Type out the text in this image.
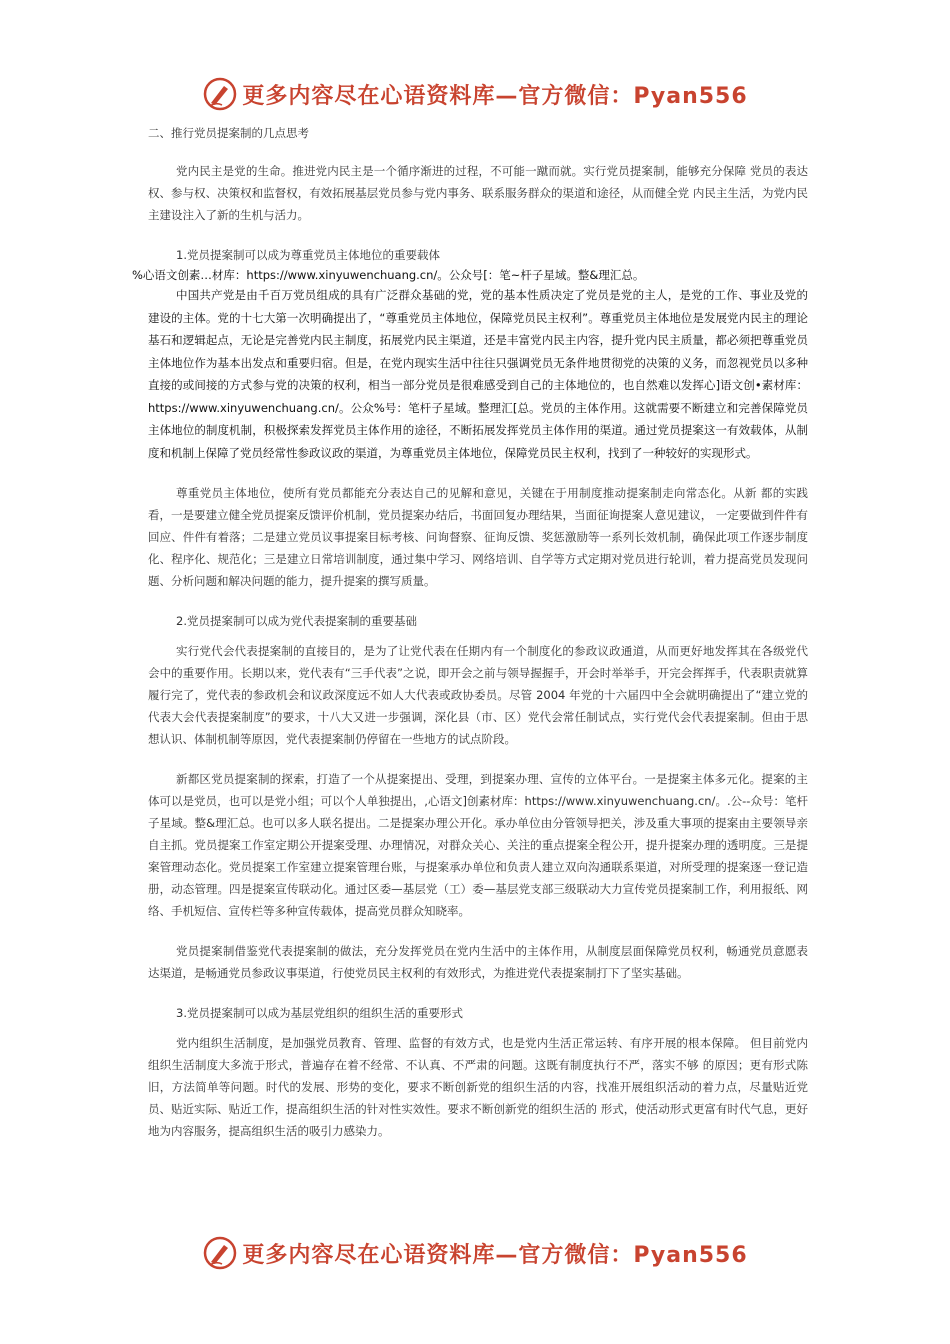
更多内容尽在心语资料库—官方微信：Pyan556

二、推行党员提案制的几点思考

党内民主是党的生命。推进党内民主是一个循序渐进的过程，不可能一蹴而就。实行党员提案制，能够充分保障 党员的表达权、参与权、决策权和监督权，有效拓展基层党员参与党内事务、联系服务群众的渠道和途径，从而健全党 内民主生活，为党内民主建设注入了新的生机与活力。

1.党员提案制可以成为尊重党员主体地位的重要载体

%心语文创素…材库：https://www.xinyuwenchuang.cn/。公众号[：笔~杆子星域。整&理汇总。

中国共产党是由千百万党员组成的具有广泛群众基础的党，党的基本性质决定了党员是党的主人，是党的工作、事业及党的建设的主体。党的十七大第一次明确提出了，“尊重党员主体地位，保障党员民主权利”。尊重党员主体地位是发展党内民主的理论基石和逻辑起点，无论是完善党内民主制度，拓展党内民主渠道，还是丰富党内民主内容，提升党内民主质量，都必须把尊重党员主体地位作为基本出发点和重要归宿。但是，在党内现实生活中往往只强调党员无条件地贯彻党的决策的义务，而忽视党员以多种直接的或间接的方式参与党的决策的权利，相当一部分党员是很难感受到自己的主体地位的，也自然难以发挥心]语文创•素材库：https://www.xinyuwenchuang.cn/。公众%号：笔杆子星域。整理汇[总。党员的主体作用。这就需要不断建立和完善保障党员主体地位的制度机制，积极探索发挥党员主体作用的途径，不断拓展发挥党员主体作用的渠道。通过党员提案这一有效载体，从制度和机制上保障了党员经常性参政议政的渠道，为尊重党员主体地位，保障党员民主权利，找到了一种较好的实现形式。

尊重党员主体地位，使所有党员都能充分表达自己的见解和意见，关键在于用制度推动提案制走向常态化。从新 都的实践看，一是要建立健全党员提案反馈评价机制，党员提案办结后，书面回复办理结果，当面征询提案人意见建议， 一定要做到件件有回应、件件有着落；二是建立党员议事提案目标考核、问询督察、征询反馈、奖惩激励等一系列长效机制，确保此项工作逐步制度化、程序化、规范化；三是建立日常培训制度，通过集中学习、网络培训、自学等方式定期对党员进行轮训，着力提高党员发现问题、分析问题和解决问题的能力，提升提案的撰写质量。

2.党员提案制可以成为党代表提案制的重要基础

实行党代会代表提案制的直接目的，是为了让党代表在任期内有一个制度化的参政议政通道，从而更好地发挥其在各级党代会中的重要作用。长期以来，党代表有“三手代表”之说，即开会之前与领导握握手，开会时举举手，开完会挥挥手，代表职责就算履行完了，党代表的参政机会和议政深度远不如人大代表或政协委员。尽管 2004 年党的十六届四中全会就明确提出了“建立党的代表大会代表提案制度”的要求，十八大又进一步强调，深化县（市、区）党代会常任制试点，实行党代会代表提案制。但由于思想认识、体制机制等原因，党代表提案制仍停留在一些地方的试点阶段。

新都区党员提案制的探索，打造了一个从提案提出、受理，到提案办理、宣传的立体平台。一是提案主体多元化。提案的主体可以是党员，也可以是党小组；可以个人单独提出，,心语文]创素材库：https://www.xinyuwenchuang.cn/。.公--众号：笔杆子星域。整&理汇总。也可以多人联名提出。二是提案办理公开化。承办单位由分管领导把关，涉及重大事项的提案由主要领导亲自主抓。党员提案工作室定期公开提案受理、办理情况，对群众关心、关注的重点提案全程公开，提升提案办理的透明度。三是提案管理动态化。党员提案工作室建立提案管理台账，与提案承办单位和负责人建立双向沟通联系渠道，对所受理的提案逐一登记造册，动态管理。四是提案宣传联动化。通过区委—基层党（工）委—基层党支部三级联动大力宣传党员提案制工作，利用报纸、网络、手机短信、宣传栏等多种宣传载体，提高党员群众知晓率。

党员提案制借鉴党代表提案制的做法，充分发挥党员在党内生活中的主体作用，从制度层面保障党员权利，畅通党员意愿表达渠道，是畅通党员参政议事渠道，行使党员民主权利的有效形式，为推进党代表提案制打下了坚实基础。

3.党员提案制可以成为基层党组织的组织生活的重要形式

党内组织生活制度，是加强党员教育、管理、监督的有效方式，也是党内生活正常运转、有序开展的根本保障。 但目前党内组织生活制度大多流于形式，普遍存在着不经常、不认真、不严肃的问题。这既有制度执行不严，落实不够 的原因；更有形式陈旧，方法简单等问题。时代的发展、形势的变化，要求不断创新党的组织生活的内容，找准开展组织活动的着力点，尽量贴近党员、贴近实际、贴近工作，提高组织生活的针对性实效性。要求不断创新党的组织生活的 形式，使活动形式更富有时代气息，更好地为内容服务，提高组织生活的吸引力感染力。

更多内容尽在心语资料库—官方微信：Pyan556
